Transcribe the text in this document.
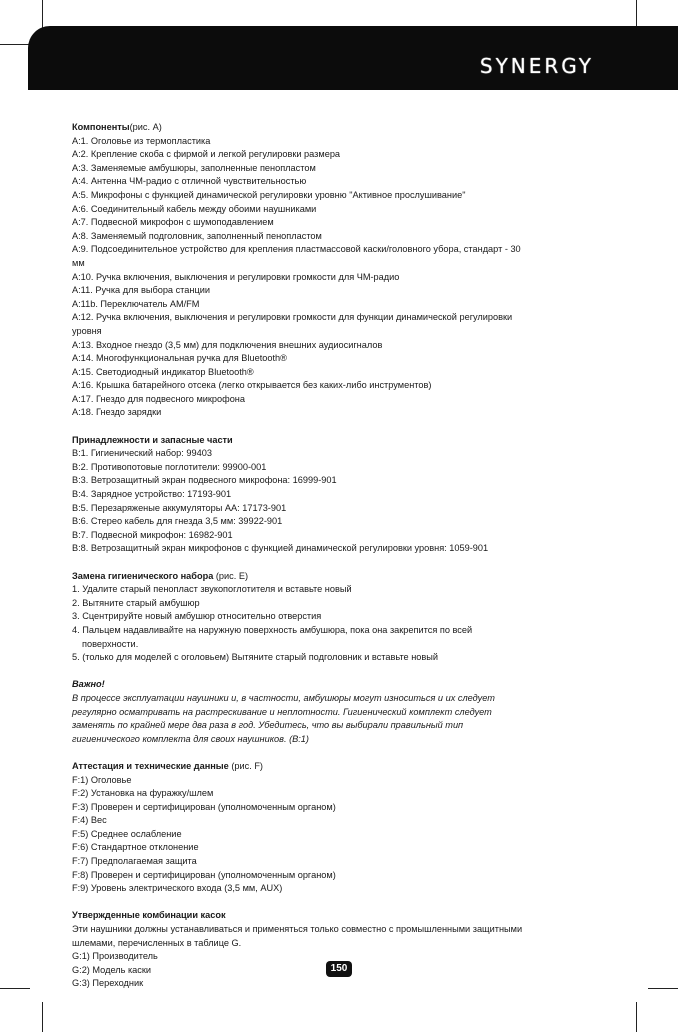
SYNERGY
Компоненты(рис. A)
A:1. Оголовье из термопластика
A:2. Крепление скоба с фирмой и легкой регулировки размера
A:3. Заменяемые амбушюры, заполненные пенопластом
A:4. Антенна ЧМ-радио с отличной чувствительностью
A:5. Микрофоны с функцией динамической регулировки уровню "Активное прослушивание"
A:6. Соединительный кабель между обоими наушниками
A:7. Подвесной микрофон с шумоподавлением
A:8. Заменяемый подголовник, заполненный пенопластом
A:9. Подсоединительное устройство для крепления пластмассовой каски/головного убора, стандарт - 30
мм
A:10. Ручка включения, выключения и регулировки громкости для ЧМ-радио
A:11. Ручка для выбора станции
A:11b. Переключатель AM/FM
A:12. Ручка включения, выключения и регулировки громкости для функции динамической регулировки
уровня
A:13. Входное гнездо (3,5 мм) для подключения внешних аудиосигналов
A:14. Многофункциональная ручка для Bluetooth®
A:15. Светодиодный индикатор Bluetooth®
A:16. Крышка батарейного отсека (легко открывается без каких-либо инструментов)
A:17. Гнездо для подвесного микрофона
A:18. Гнездо зарядки
Принадлежности и запасные части
B:1. Гигиенический набор: 99403
B:2. Противопотовые поглотители: 99900-001
B:3. Ветрозащитный экран подвесного микрофона: 16999-901
B:4. Зарядное устройство: 17193-901
B:5. Перезаряженые аккумуляторы АА: 17173-901
B:6. Стерео кабель для гнезда 3,5 мм: 39922-901
B:7. Подвесной микрофон: 16982-901
B:8. Ветрозащитный экран микрофонов с функцией динамической регулировки уровня: 1059-901
Замена гигиенического набора (рис. E)
1. Удалите старый пенопласт звукопоглотителя и вставьте новый
2. Вытяните старый амбушюр
3. Сцентрируйте новый амбушюр относительно отверстия
4. Пальцем надавливайте на наружную поверхность амбушюра, пока она закрепится по всей
поверхности.
5. (только для моделей с оголовьем) Вытяните старый подголовник и вставьте новый
Важно!
В процессе эксплуатации наушники и, в частности, амбушюры могут изноcиться и их следует
регулярно осматривать на растрескивание и неплотности. Гигиенический комплект следует
заменять по крайней мере два раза в год. Убедитесь, что вы выбирали правильный тип
гигиенического комплекта для своих наушников. (B:1)
Аттестация и технические данные (рис. F)
F:1) Оголовье
F:2) Установка на фуражку/шлем
F:3) Проверен и сертифицирован (уполномоченным органом)
F:4) Вес
F:5) Среднее ослабление
F:6) Стандартное отклонение
F:7) Предполагаемая защита
F:8) Проверен и сертифицирован (уполномоченным органом)
F:9) Уровень электрического входа (3,5 мм, AUX)
Утвержденные комбинации касок
Эти наушники должны устанавливаться и применяться только совместно с промышленными защитными
шлемами, перечисленных в таблице G.
G:1) Производитель
G:2) Модель каски
G:3) Переходник
150
